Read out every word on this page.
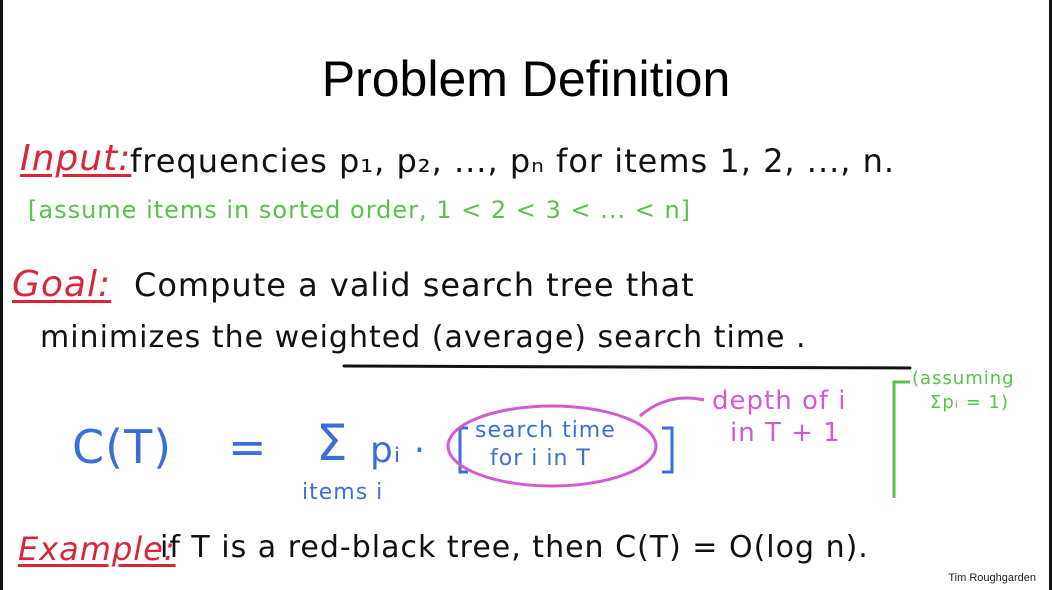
Problem Definition
Input:
frequencies p₁, p₂, ..., pₙ for items 1, 2, ..., n.
[assume items in sorted order, 1 < 2 < 3 < ... < n]
Goal: Compute a valid search tree that
minimizes the weighted (average) search time .
C(T) = Σ
items i
pᵢ · search time
for i in T
depth of i
in T + 1
(assuming
Σpᵢ = 1)
Example:
if T is a red-black tree, then C(T) = O(log n).
Tim Roughgarden
